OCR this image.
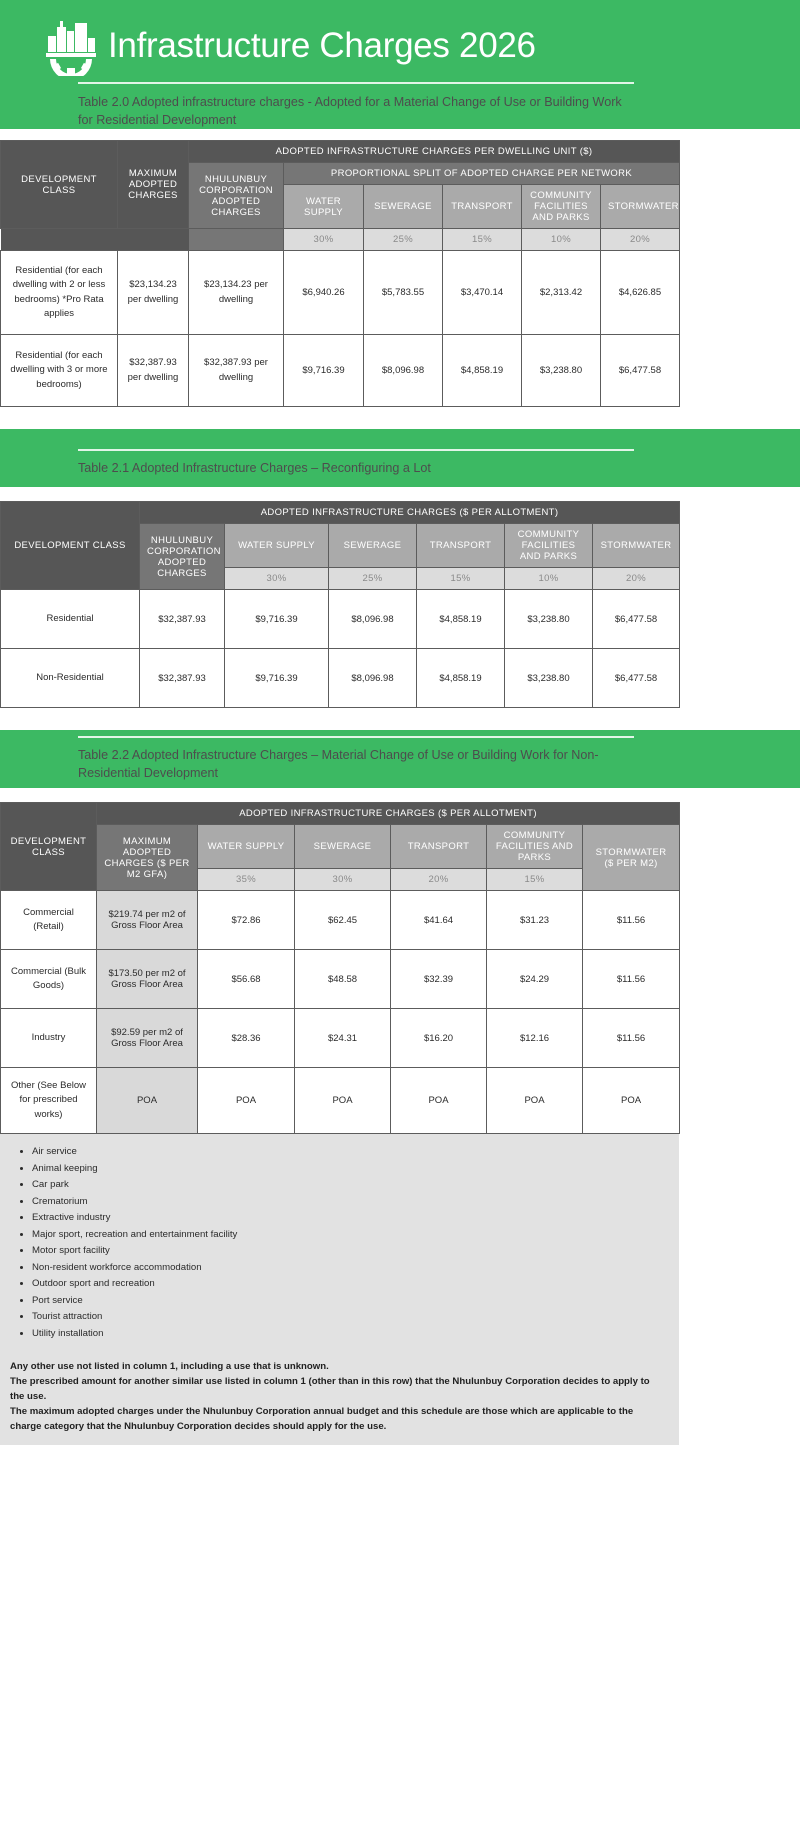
Infrastructure Charges 2026
Table 2.0 Adopted infrastructure charges - Adopted for a Material Change of Use or Building Work for Residential Development
DEVELOPMENT CLASS	MAXIMUM ADOPTED CHARGES	ADOPTED INFRASTRUCTURE CHARGES PER DWELLING UNIT ($)					
		NHULUNBUY CORPORATION ADOPTED CHARGES	PROPORTIONAL SPLIT OF ADOPTED CHARGE PER NETWORK				
			WATER SUPPLY	SEWERAGE	TRANSPORT	COMMUNITY FACILITIES AND PARKS	STORMWATER
			30%	25%	15%	10%	20%
Residential (for each dwelling with 2 or less bedrooms) *Pro Rata applies	$23,134.23 per dwelling	$23,134.23 per dwelling	$6,940.26	$5,783.55	$3,470.14	$2,313.42	$4,626.85
Residential (for each dwelling with 3 or more bedrooms)	$32,387.93 per dwelling	$32,387.93 per dwelling	$9,716.39	$8,096.98	$4,858.19	$3,238.80	$6,477.58
Table 2.1 Adopted Infrastructure Charges – Reconfiguring a Lot
DEVELOPMENT CLASS	ADOPTED INFRASTRUCTURE CHARGES ($ PER ALLOTMENT)					
	NHULUNBUY CORPORATION ADOPTED CHARGES	WATER SUPPLY	SEWERAGE	TRANSPORT	COMMUNITY FACILITIES AND PARKS	STORMWATER
		30%	25%	15%	10%	20%
Residential	$32,387.93	$9,716.39	$8,096.98	$4,858.19	$3,238.80	$6,477.58
Non-Residential	$32,387.93	$9,716.39	$8,096.98	$4,858.19	$3,238.80	$6,477.58
Table 2.2 Adopted Infrastructure Charges – Material Change of Use or Building Work for Non-Residential Development
DEVELOPMENT CLASS	ADOPTED INFRASTRUCTURE CHARGES ($ PER ALLOTMENT)					
	MAXIMUM ADOPTED CHARGES ($ PER M2 GFA)	WATER SUPPLY	SEWERAGE	TRANSPORT	COMMUNITY FACILITIES AND PARKS	STORMWATER ($ PER M2)
		35%	30%	20%	15%	
Commercial (Retail)	$219.74 per m2 of Gross Floor Area	$72.86	$62.45	$41.64	$31.23	$11.56
Commercial (Bulk Goods)	$173.50 per m2 of Gross Floor Area	$56.68	$48.58	$32.39	$24.29	$11.56
Industry	$92.59 per m2 of Gross Floor Area	$28.36	$24.31	$16.20	$12.16	$11.56
Other (See Below for prescribed works)	POA	POA	POA	POA	POA	POA
• Air service
• Animal keeping
• Car park
• Crematorium
• Extractive industry
• Major sport, recreation and entertainment facility
• Motor sport facility
• Non-resident workforce accommodation
• Outdoor sport and recreation
• Port service
• Tourist attraction
• Utility installation

Any other use not listed in column 1, including a use that is unknown.

The prescribed amount for another similar use listed in column 1 (other than in this row) that the Nhulunbuy Corporation decides to apply to the use.

The maximum adopted charges under the Nhulunbuy Corporation annual budget and this schedule are those which are applicable to the charge category that the Nhulunbuy Corporation decides should apply for the use.
